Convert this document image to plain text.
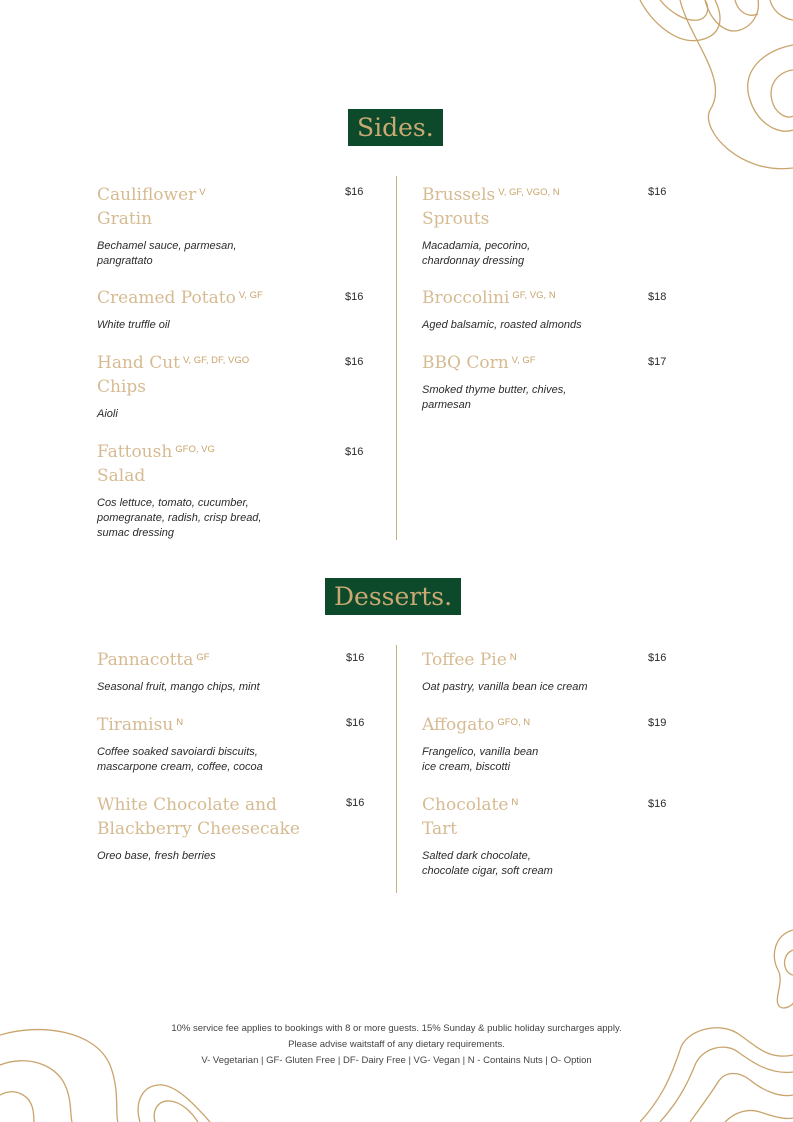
Sides.
Cauliflower $^V$
Gratin
Bechamel sauce, parmesan,
pangrattato
$16
Creamed Potato $^{V, GF}$
White truffle oil
$16
Hand Cut $^{V, GF, DF, VGO}$
Chips
Aioli
$16
Fattoush $^{GFO, VG}$
Salad
Cos lettuce, tomato, cucumber,
pomegranate, radish, crisp bread,
sumac dressing
$16
Brussels $^{V, GF, VGO, N}$
Sprouts
Macadamia, pecorino,
chardonnay dressing
$16
Broccolini $^{GF, VG, N}$
Aged balsamic, roasted almonds
$18
BBQ Corn $^{V, GF}$
Smoked thyme butter, chives,
parmesan
$17
Desserts.
Pannacotta $^{GF}$
Seasonal fruit, mango chips, mint
$16
Tiramisu $^N$
Coffee soaked savoiardi biscuits,
mascarpone cream, coffee, cocoa
$16
White Chocolate and
Blackberry Cheesecake
Oreo base, fresh berries
$16
Toffee Pie $^N$
Oat pastry, vanilla bean ice cream
$16
Affogato $^{GFO, N}$
Frangelico, vanilla bean
ice cream, biscotti
$19
Chocolate $^N$
Tart
Salted dark chocolate,
chocolate cigar, soft cream
$16
10% service fee applies to bookings with 8 or more guests. 15% Sunday & public holiday surcharges apply.
Please advise waitstaff of any dietary requirements.
V- Vegetarian | GF- Gluten Free | DF- Dairy Free | VG- Vegan | N - Contains Nuts | O- Option
